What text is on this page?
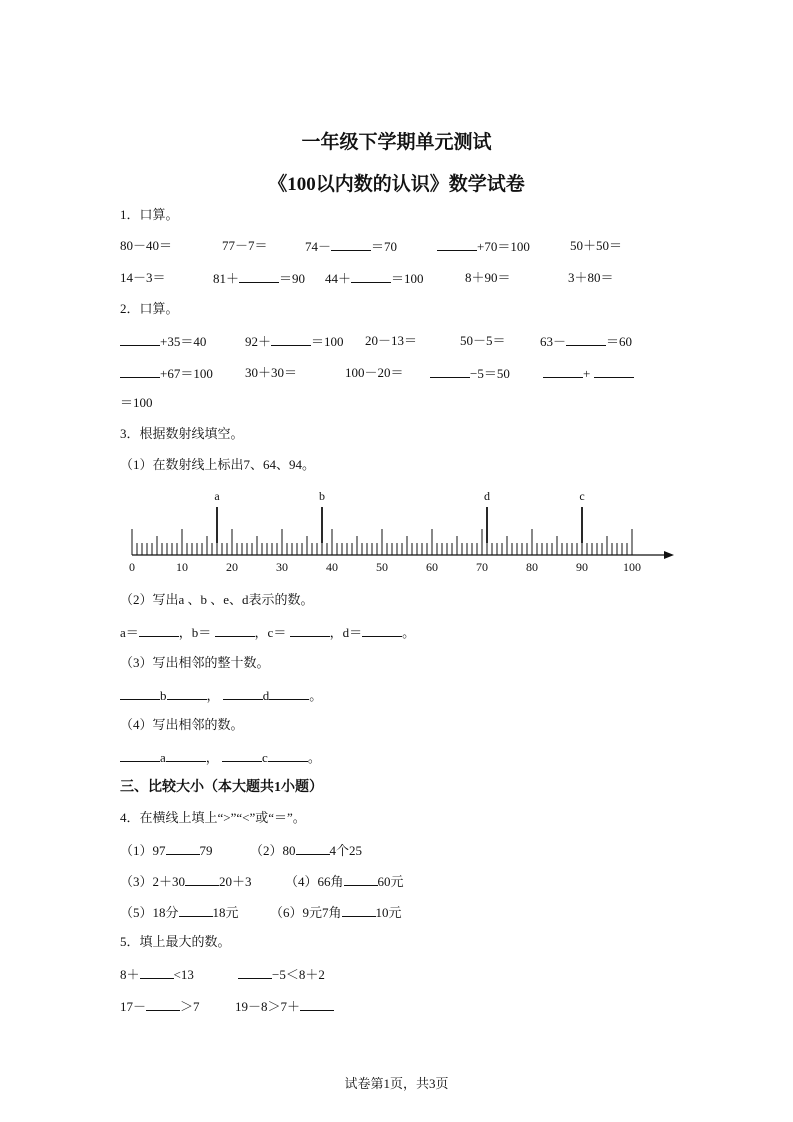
一年级下学期单元测试
《100以内数的认识》数学试卷
1．口算。
80－40＝	77－7＝	74－	＝70	+70＝100	50＋50＝
14－3＝	81＋	＝90 44＋	＝100	8＋90＝	3＋80＝
2．口算。
+35＝40	92＋	＝100 20－13＝	50－5＝	63－	＝60
+67＝100 30＋30＝	100－20＝	−5＝50	+
＝100
3．根据数射线填空。
（1）在数射线上标出7、64、94。
0	10	20	30	40	50	60	70	80	90	100
a	b	d	c
（2）写出a 、b 、e、d表示的数。
a＝	，b＝	，c＝	，d＝	。
（3）写出相邻的整十数。
b	，	d	。
（4）写出相邻的数。
a	，	c	。
三、比较大小（本大题共1小题）
4．在横线上填上“>”“<”或“＝”。
（1）97	79	（2）80	4个25
（3）2＋30	20＋3	（4）66角	60元
（5）18分	18元 （6）9元7角	10元
5．填上最大的数。
8＋	<13	−5＜8＋2
17－	＞7	19－8＞7＋
试卷第1页，共3页
